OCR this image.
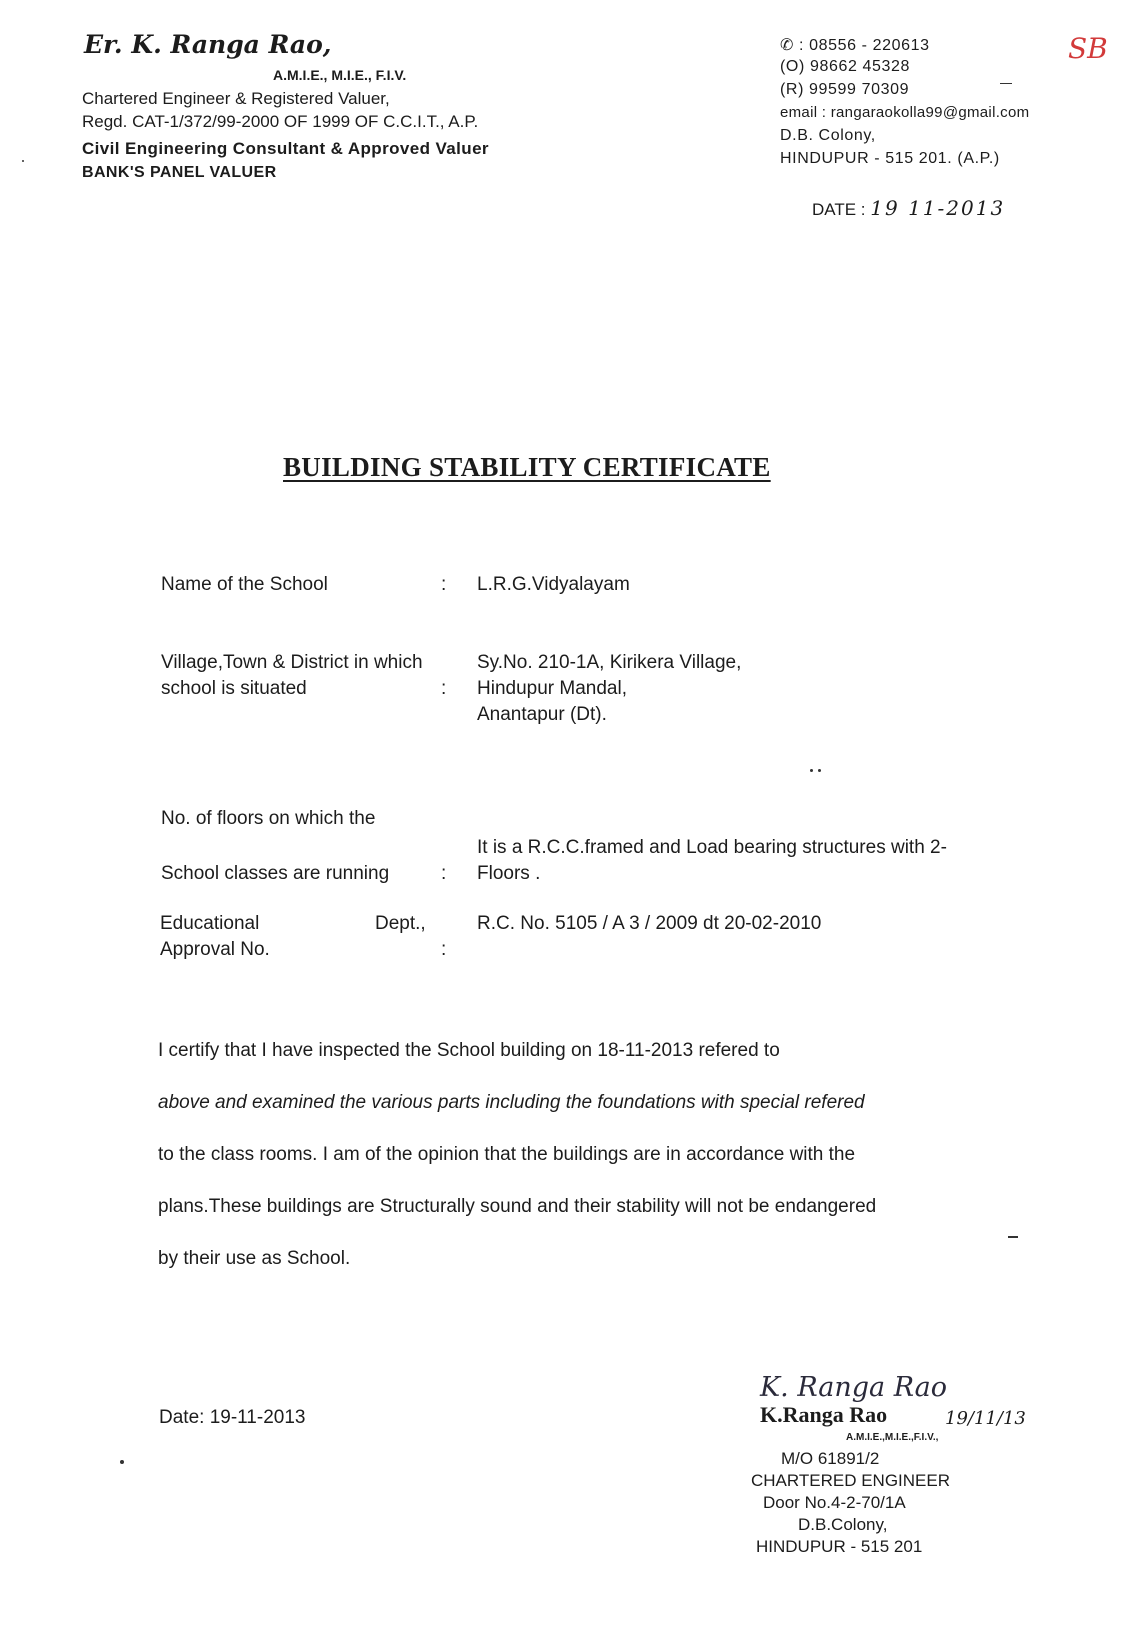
Er. K. Ranga Rao,
A.M.I.E., M.I.E., F.I.V.
Chartered Engineer & Registered Valuer,
Regd. CAT-1/372/99-2000 OF 1999 OF C.C.I.T., A.P.
Civil Engineering Consultant & Approved Valuer
BANK'S PANEL VALUER
✆ : 08556 - 220613
(O) 98662 45328
(R) 99599 70309
email : rangaraokolla99@gmail.com
D.B. Colony,
HINDUPUR - 515 201. (A.P.)
DATE : 19 11-2013
SB
BUILDING STABILITY CERTIFICATE
Name of the School	: L.R.G.Vidyalayam
Village,Town & District in which
school is situated	:
Sy.No. 210-1A, Kirikera Village,
Hindupur Mandal,
Anantapur (Dt).
No. of floors on which the
School classes are running	:
It is a R.C.C.framed and Load bearing structures with 2-
Floors .
Educational	Dept.,
Approval No.	:
R.C. No. 5105 / A 3 / 2009 dt 20-02-2010
I certify that I have inspected the School building on 18-11-2013 refered to
above and examined the various parts including the foundations with special refered
to the class rooms. I am of the opinion that the buildings are in accordance with the
plans.These buildings are Structurally sound and their stability will not be endangered
by their use as School.
Date: 19-11-2013
K. Ranga Rao
K.Ranga Rao	19/11/13
A.M.I.E.,M.I.E.,F.I.V.,
M/O 61891/2
CHARTERED ENGINEER
Door No.4-2-70/1A
D.B.Colony,
HINDUPUR - 515 201
